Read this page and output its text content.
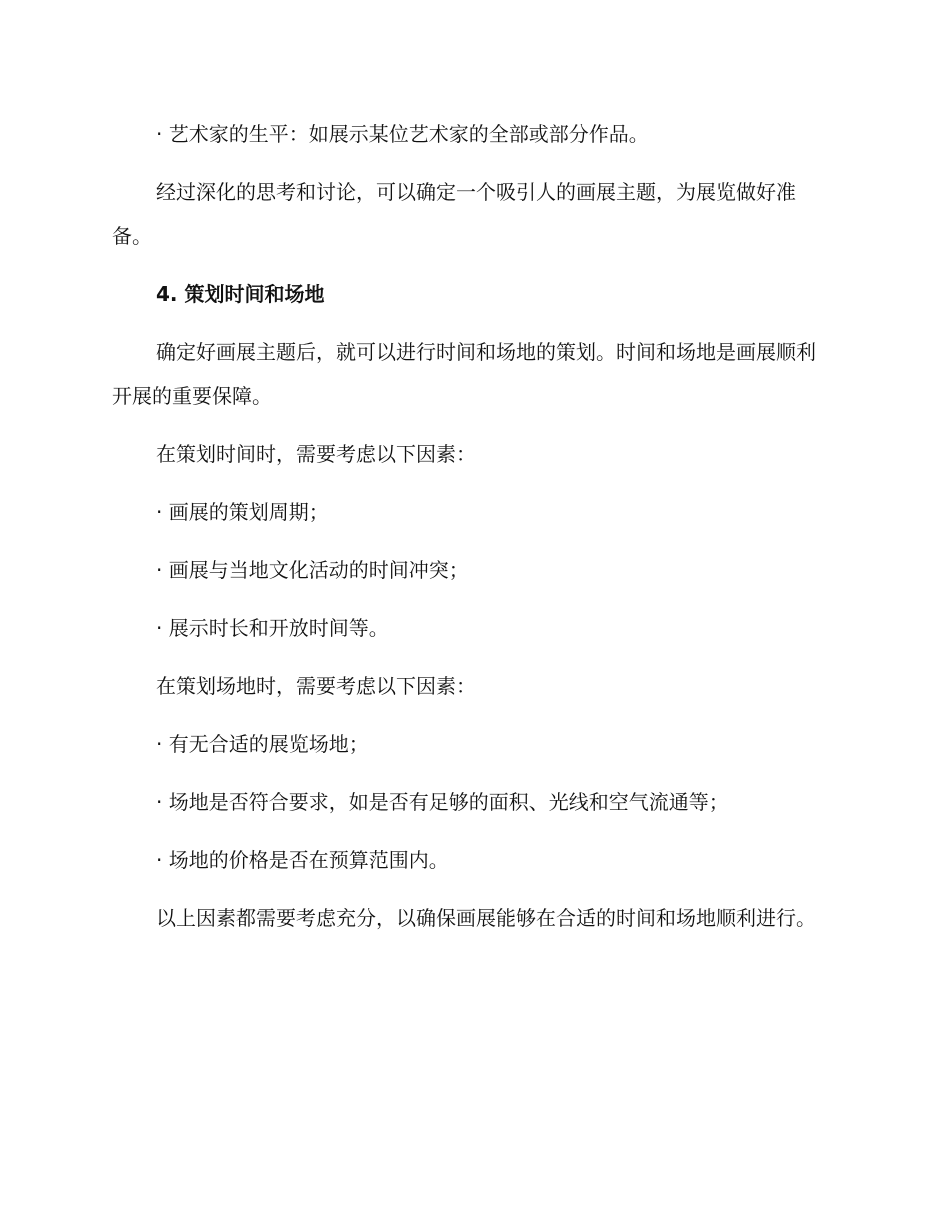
· 艺术家的生平：如展示某位艺术家的全部或部分作品。

经过深化的思考和讨论，可以确定一个吸引人的画展主题，为展览做好准备。

4. 策划时间和场地

确定好画展主题后，就可以进行时间和场地的策划。时间和场地是画展顺利开展的重要保障。

在策划时间时，需要考虑以下因素：

· 画展的策划周期；

· 画展与当地文化活动的时间冲突；

· 展示时长和开放时间等。

在策划场地时，需要考虑以下因素：

· 有无合适的展览场地；

· 场地是否符合要求，如是否有足够的面积、光线和空气流通等；

· 场地的价格是否在预算范围内。

以上因素都需要考虑充分，以确保画展能够在合适的时间和场地顺利进行。
